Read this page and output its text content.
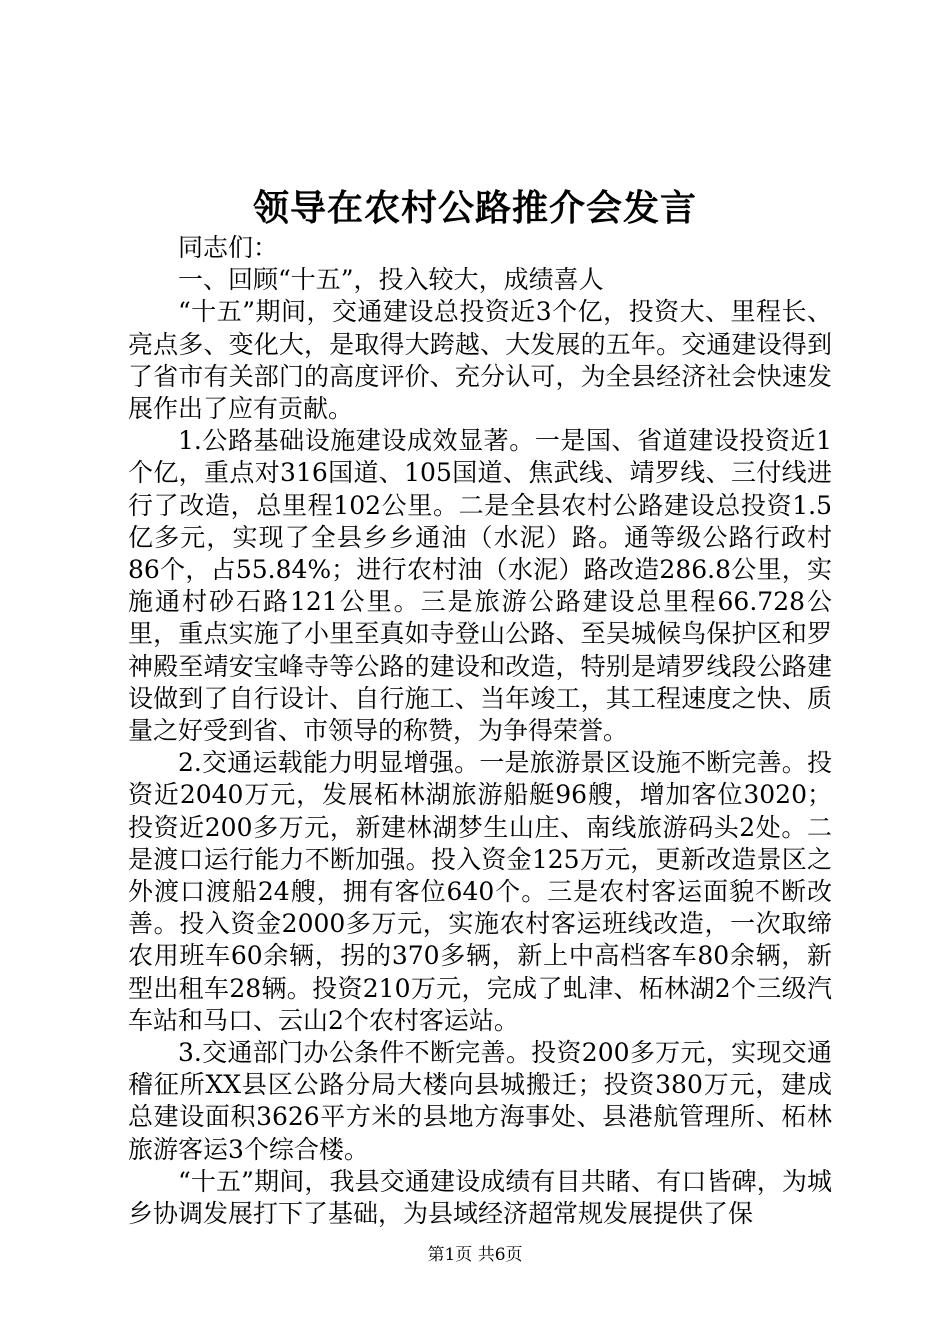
领导在农村公路推介会发言

同志们：

一、回顾“十五”，投入较大，成绩喜人

“十五”期间，交通建设总投资近3个亿，投资大、里程长、亮点多、变化大，是取得大跨越、大发展的五年。交通建设得到了省市有关部门的高度评价、充分认可，为全县经济社会快速发展作出了应有贡献。

1.公路基础设施建设成效显著。一是国、省道建设投资近1个亿，重点对316国道、105国道、焦武线、靖罗线、三付线进行了改造，总里程102公里。二是全县农村公路建设总投资1.5亿多元，实现了全县乡乡通油（水泥）路。通等级公路行政村86个，占55.84%；进行农村油（水泥）路改造286.8公里，实施通村砂石路121公里。三是旅游公路建设总里程66.728公里，重点实施了小里至真如寺登山公路、至吴城候鸟保护区和罗神殿至靖安宝峰寺等公路的建设和改造，特别是靖罗线段公路建设做到了自行设计、自行施工、当年竣工，其工程速度之快、质量之好受到省、市领导的称赞，为争得荣誉。

2.交通运载能力明显增强。一是旅游景区设施不断完善。投资近2040万元，发展柘林湖旅游船艇96艘，增加客位3020；投资近200多万元，新建林湖梦生山庄、南线旅游码头2处。二是渡口运行能力不断加强。投入资金125万元，更新改造景区之外渡口渡船24艘，拥有客位640个。三是农村客运面貌不断改善。投入资金2000多万元，实施农村客运班线改造，一次取缔农用班车60余辆，拐的370多辆，新上中高档客车80余辆，新型出租车28辆。投资210万元，完成了虬津、柘林湖2个三级汽车站和马口、云山2个农村客运站。

3.交通部门办公条件不断完善。投资200多万元，实现交通稽征所XX县区公路分局大楼向县城搬迁；投资380万元，建成总建设面积3626平方米的县地方海事处、县港航管理所、柘林旅游客运3个综合楼。

“十五”期间，我县交通建设成绩有目共睹、有口皆碑，为城乡协调发展打下了基础，为县域经济超常规发展提供了保

第1页 共6页
